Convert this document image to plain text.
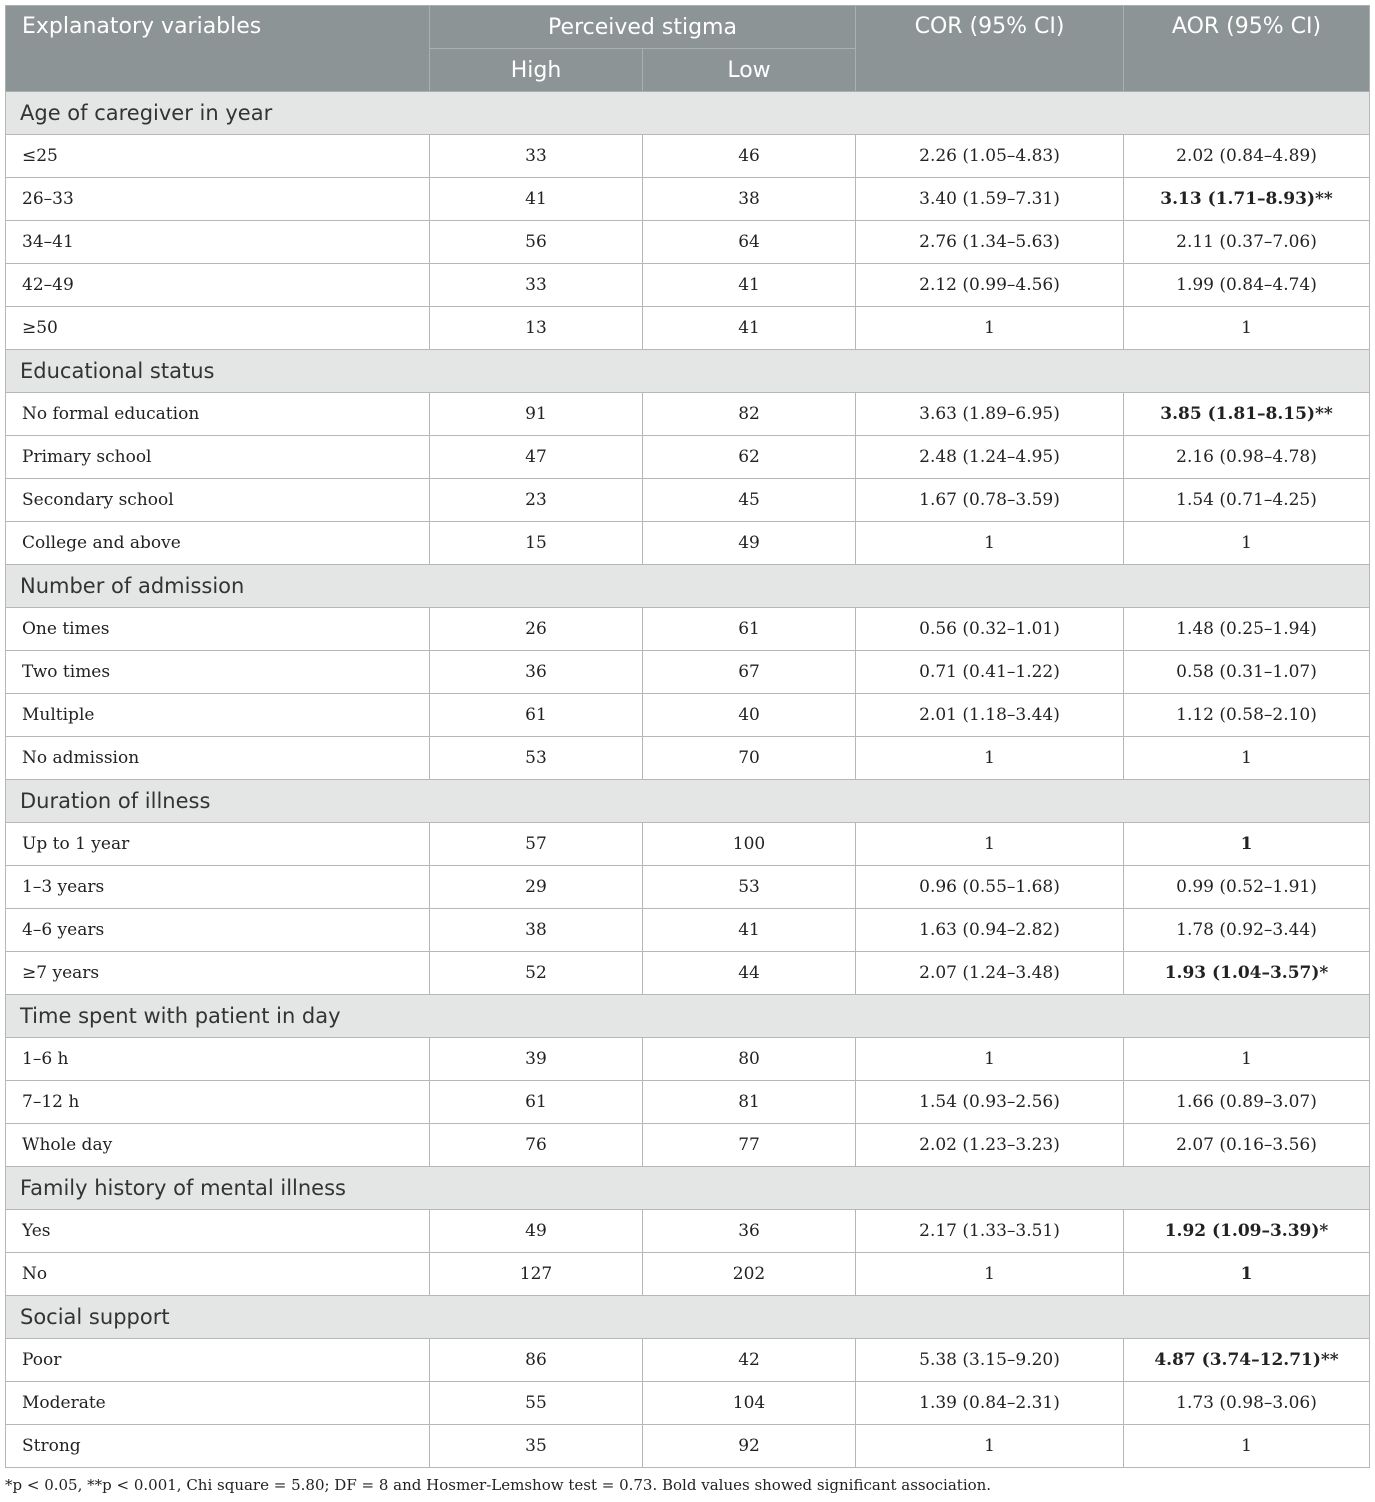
Explanatory variables	Perceived stigma		COR (95% CI)	AOR (95% CI)
	High	Low		
Age of caregiver in year				
≤25	33	46	2.26 (1.05–4.83)	2.02 (0.84–4.89)
26–33	41	38	3.40 (1.59–7.31)	3.13 (1.71–8.93)**
34–41	56	64	2.76 (1.34–5.63)	2.11 (0.37–7.06)
42–49	33	41	2.12 (0.99–4.56)	1.99 (0.84–4.74)
≥50	13	41	1	1
Educational status				
No formal education	91	82	3.63 (1.89–6.95)	3.85 (1.81–8.15)**
Primary school	47	62	2.48 (1.24–4.95)	2.16 (0.98–4.78)
Secondary school	23	45	1.67 (0.78–3.59)	1.54 (0.71–4.25)
College and above	15	49	1	1
Number of admission				
One times	26	61	0.56 (0.32–1.01)	1.48 (0.25–1.94)
Two times	36	67	0.71 (0.41–1.22)	0.58 (0.31–1.07)
Multiple	61	40	2.01 (1.18–3.44)	1.12 (0.58–2.10)
No admission	53	70	1	1
Duration of illness				
Up to 1 year	57	100	1	1
1–3 years	29	53	0.96 (0.55–1.68)	0.99 (0.52–1.91)
4–6 years	38	41	1.63 (0.94–2.82)	1.78 (0.92–3.44)
≥7 years	52	44	2.07 (1.24–3.48)	1.93 (1.04–3.57)*
Time spent with patient in day				
1–6 h	39	80	1	1
7–12 h	61	81	1.54 (0.93–2.56)	1.66 (0.89–3.07)
Whole day	76	77	2.02 (1.23–3.23)	2.07 (0.16–3.56)
Family history of mental illness				
Yes	49	36	2.17 (1.33–3.51)	1.92 (1.09–3.39)*
No	127	202	1	1
Social support				
Poor	86	42	5.38 (3.15–9.20)	4.87 (3.74–12.71)**
Moderate	55	104	1.39 (0.84–2.31)	1.73 (0.98–3.06)
Strong	35	92	1	1
*p < 0.05, **p < 0.001, Chi square = 5.80; DF = 8 and Hosmer-Lemshow test = 0.73. Bold values showed significant association.
